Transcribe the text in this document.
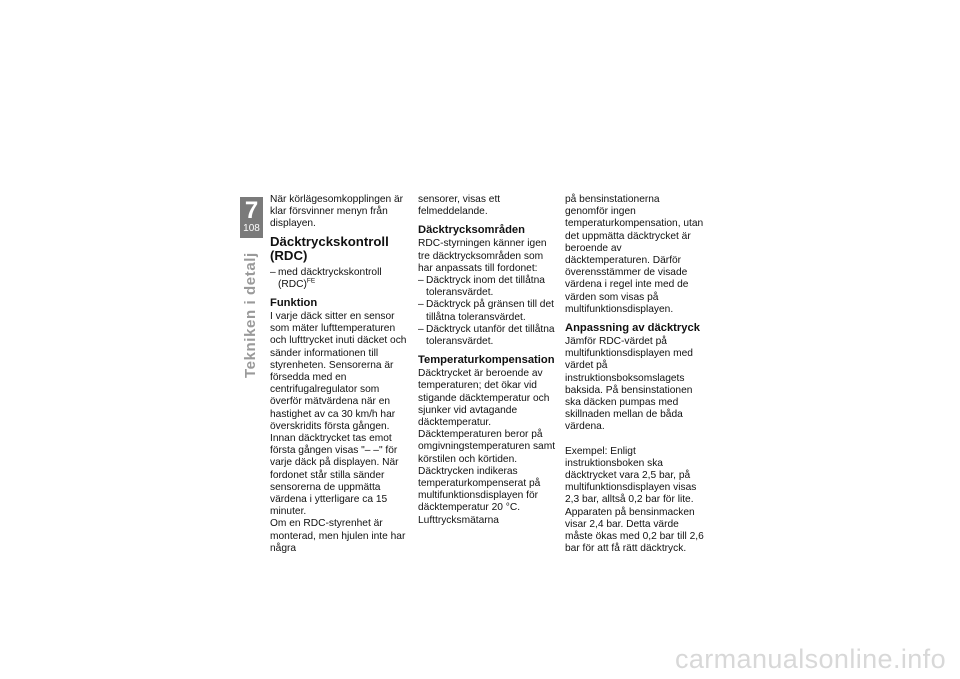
7
108
Tekniken i detalj

När körlägesomkopplingen är klar försvinner menyn från displayen.

Däcktryckskontroll (RDC)
– med däcktryckskontroll (RDC)$^{FE}$
Funktion

I varje däck sitter en sensor som mäter lufttemperaturen och lufttrycket inuti däcket och sänder informationen till styrenheten. Sensorerna är försedda med en centrifugalregulator som överför mätvärdena när en hastighet av ca 30 km/h har överskridits första gången. Innan däcktrycket tas emot första gången visas "– –" för varje däck på displayen. När fordonet står stilla sänder sensorerna de uppmätta värdena i ytterligare ca 15 minuter.

Om en RDC-styrenhet är monterad, men hjulen inte har några

sensorer, visas ett felmeddelande.

Däcktrycksområden

RDC-styrningen känner igen tre däcktrycksområden som har anpassats till fordonet:

– Däcktryck inom det tillåtna toleransvärdet.
– Däcktryck på gränsen till det tillåtna toleransvärdet.
– Däcktryck utanför det tillåtna toleransvärdet.
Temperaturkompensation

Däcktrycket är beroende av temperaturen; det ökar vid stigande däcktemperatur och sjunker vid avtagande däcktemperatur. Däcktemperaturen beror på omgivningstemperaturen samt körstilen och körtiden.

Däcktrycken indikeras temperaturkompenserat på multifunktionsdisplayen för däcktemperatur 20 °C. Lufttrycksmätarna

på bensinstationerna genomför ingen temperaturkompensation, utan det uppmätta däcktrycket är beroende av däcktemperaturen. Därför överensstämmer de visade värdena i regel inte med de värden som visas på multifunktionsdisplayen.

Anpassning av däcktryck

Jämför RDC-värdet på multifunktionsdisplayen med värdet på instruktionsboksomslagets baksida. På bensinstationen ska däcken pumpas med skillnaden mellan de båda värdena.

Exempel: Enligt instruktionsboken ska däcktrycket vara 2,5 bar, på multifunktionsdisplayen visas 2,3 bar, alltså 0,2 bar för lite. Apparaten på bensinmacken visar 2,4 bar. Detta värde måste ökas med 0,2 bar till 2,6 bar för att få rätt däcktryck.

carmanualsonline.info
